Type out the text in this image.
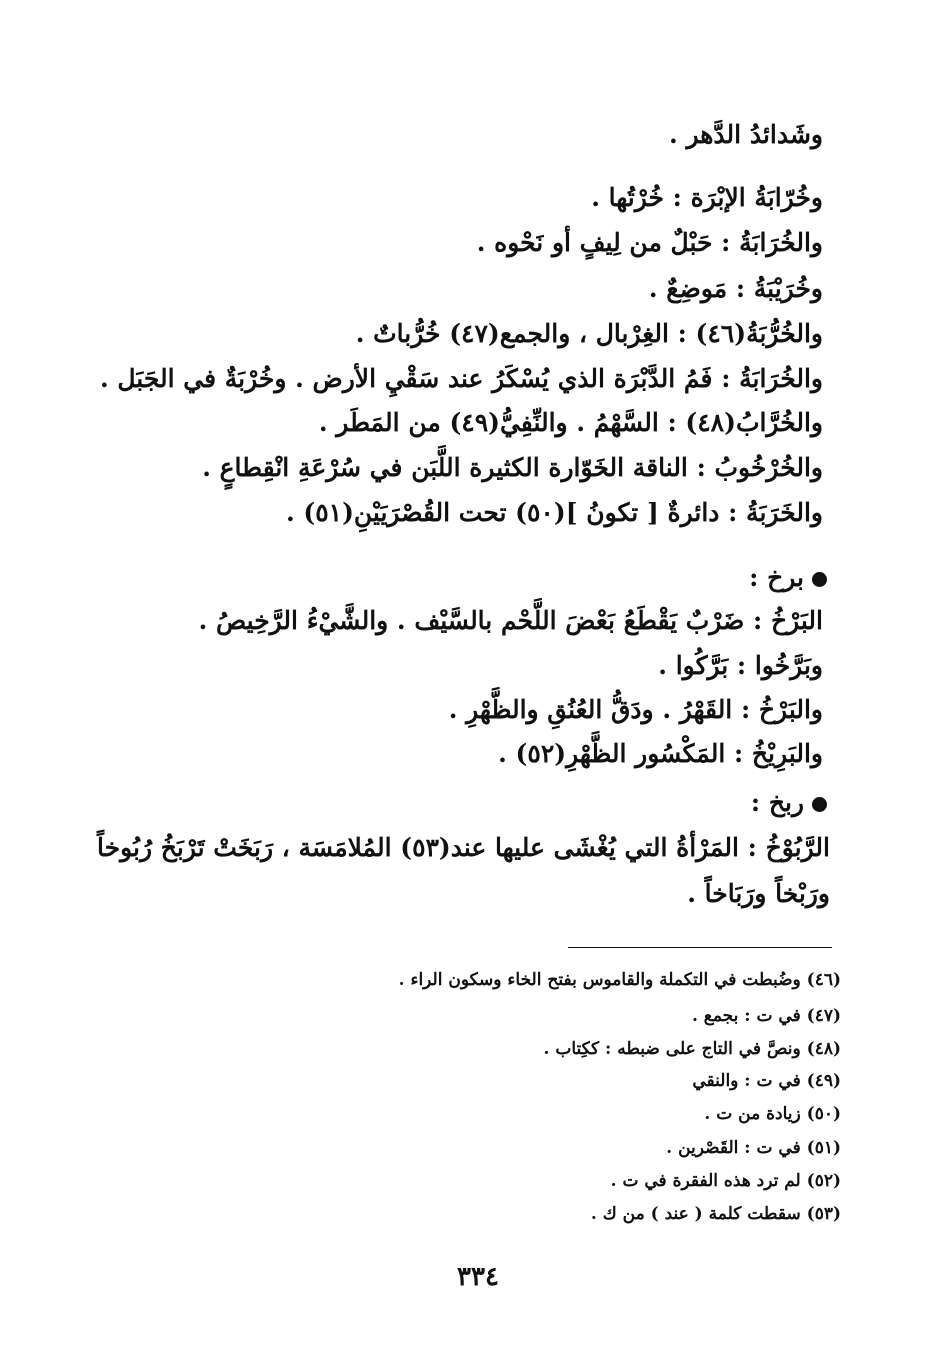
وشَدائدُ الدَّهر .
وخُرّابَةُ الإبْرَة : خُرْتُها .
والخُرَابَةُ : حَبْلٌ من لِيفٍ أو نَحْوه .
وخُرَيْبَةُ : مَوضِعٌ .
والخُرُّبَةُ(٤٦) : الغِرْبال ، والجمع(٤٧) خُرُّباتٌ .
والخُرَابَةُ : فَمُ الدَّبْرَة الذي يُسْكَرُ عند سَقْيِ الأرض . وخُرْبَةٌ في الجَبَل .
والخُرَّابُ(٤٨) : السَّهْمُ . والنِّفِيُّ(٤٩) من المَطَر .
والخُرْخُوبُ : الناقة الخَوّارة الكثيرة اللَّبَن في سُرْعَةِ انْقِطاعٍ .
والخَرَبَةُ : دائرةٌ [ تكونُ ](٥٠) تحت القُصْرَيَيْنِ(٥١) .
برخ :
البَرْخُ : ضَرْبٌ يَقْطَعُ بَعْضَ اللَّحْم بالسَّيْف . والشَّيْءُ الرَّخِيصُ .
وبَرَّخُوا : بَرَّكُوا .
والبَرْخُ : القَهْرُ . ودَقُّ العُنُقِ والظَّهْرِ .
والبَرِيْخُ : المَكْسُور الظَّهْرِ(٥٢) .
ربخ :
الرَّبُوْخُ : المَرْأةُ التي يُغْشَى عليها عند(٥٣) المُلامَسَة ، رَبَخَتْ تَرْبَخُ رُبُوخاً
ورَبْخاً ورَبَاخاً .
(٤٦) وضُبطت في التكملة والقاموس بفتح الخاء وسكون الراء .
(٤٧) في ت : بجمع .
(٤٨) ونصَّ في التاج على ضبطه : ككِتاب .
(٤٩) في ت : والنقي
(٥٠) زيادة من ت .
(٥١) في ت : القَصْرين .
(٥٢) لم ترد هذه الفقرة في ت .
(٥٣) سقطت كلمة ( عند ) من ك .
٣٣٤
